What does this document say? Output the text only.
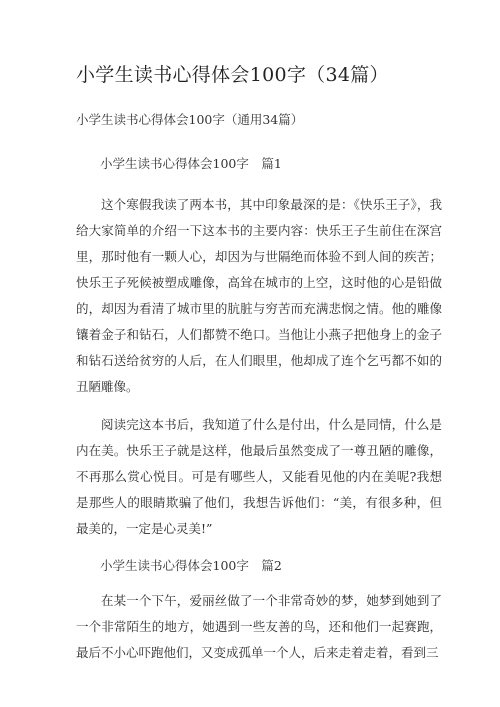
小学生读书心得体会100字（34篇）

小学生读书心得体会100字（通用34篇）

小学生读书心得体会100字　篇1

这个寒假我读了两本书，其中印象最深的是：《快乐王子》，我给大家简单的介绍一下这本书的主要内容：快乐王子生前住在深宫里，那时他有一颗人心，却因为与世隔绝而体验不到人间的疾苦；快乐王子死候被塑成雕像，高耸在城市的上空，这时他的心是铅做的，却因为看清了城市里的肮脏与穷苦而充满悲悯之情。他的雕像镶着金子和钻石，人们都赞不绝口。当他让小燕子把他身上的金子和钻石送给贫穷的人后，在人们眼里，他却成了连个乞丐都不如的丑陋雕像。

阅读完这本书后，我知道了什么是付出，什么是同情，什么是内在美。快乐王子就是这样，他最后虽然变成了一尊丑陋的雕像，不再那么赏心悦目。可是有哪些人，又能看见他的内在美呢?我想是那些人的眼睛欺骗了他们，我想告诉他们：“美，有很多种，但最美的，一定是心灵美!”

小学生读书心得体会100字　篇2

在某一个下午，爱丽丝做了一个非常奇妙的梦，她梦到她到了一个非常陌生的地方，她遇到一些友善的鸟，还和他们一起赛跑，最后不小心吓跑他们，又变成孤单一个人，后来走着走着，看到三
